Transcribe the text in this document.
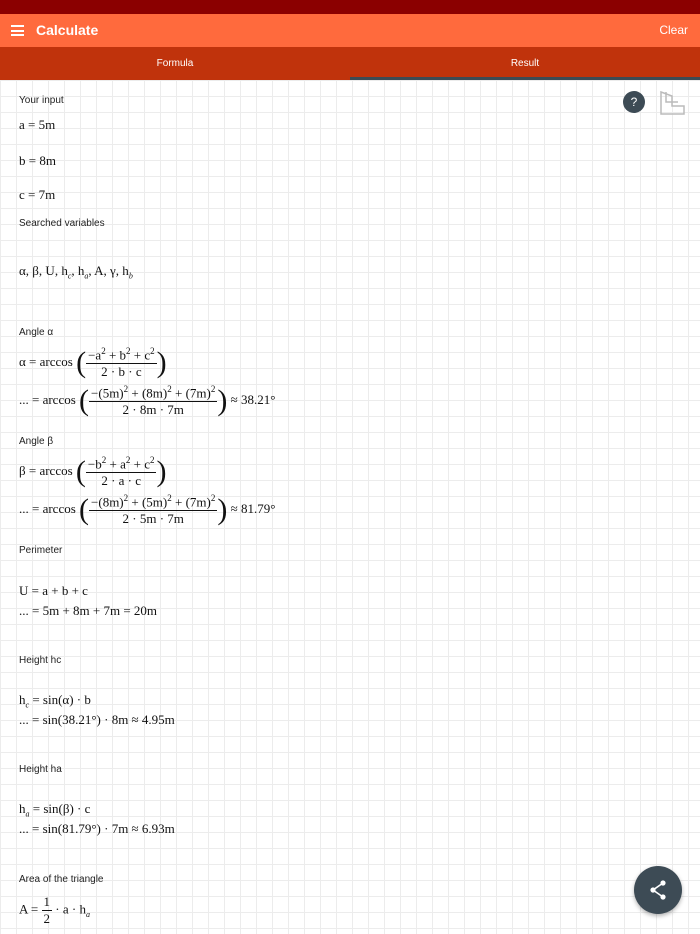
Calculate	Clear
Formula	Result
?
Your input
a = 5m
b = 8m
c = 7m
Searched variables
α, β, U, $h_c$, $h_a$, A, γ, $h_b$
Angle α
α = arccos ( $\frac{-a^2 + b^2 + c^2}{2 \cdot b \cdot c}$ )
... = arccos ( $\frac{-(5m)^2 + (8m)^2 + (7m)^2}{2 \cdot 8m \cdot 7m}$ ) ≈ 38.21°
Angle β
β = arccos ( $\frac{-b^2 + a^2 + c^2}{2 \cdot a \cdot c}$ )
... = arccos ( $\frac{-(8m)^2 + (5m)^2 + (7m)^2}{2 \cdot 5m \cdot 7m}$ ) ≈ 81.79°
Perimeter
U = a + b + c
... = 5m + 8m + 7m = 20m
Height hc
$h_c = \sin(\alpha) \cdot b$
... = sin(38.21°) · 8m ≈ 4.95m
Height ha
$h_a = \sin(\beta) \cdot c$
... = sin(81.79°) · 7m ≈ 6.93m
Area of the triangle
$A = \frac{1}{2} \cdot a \cdot h_a$
